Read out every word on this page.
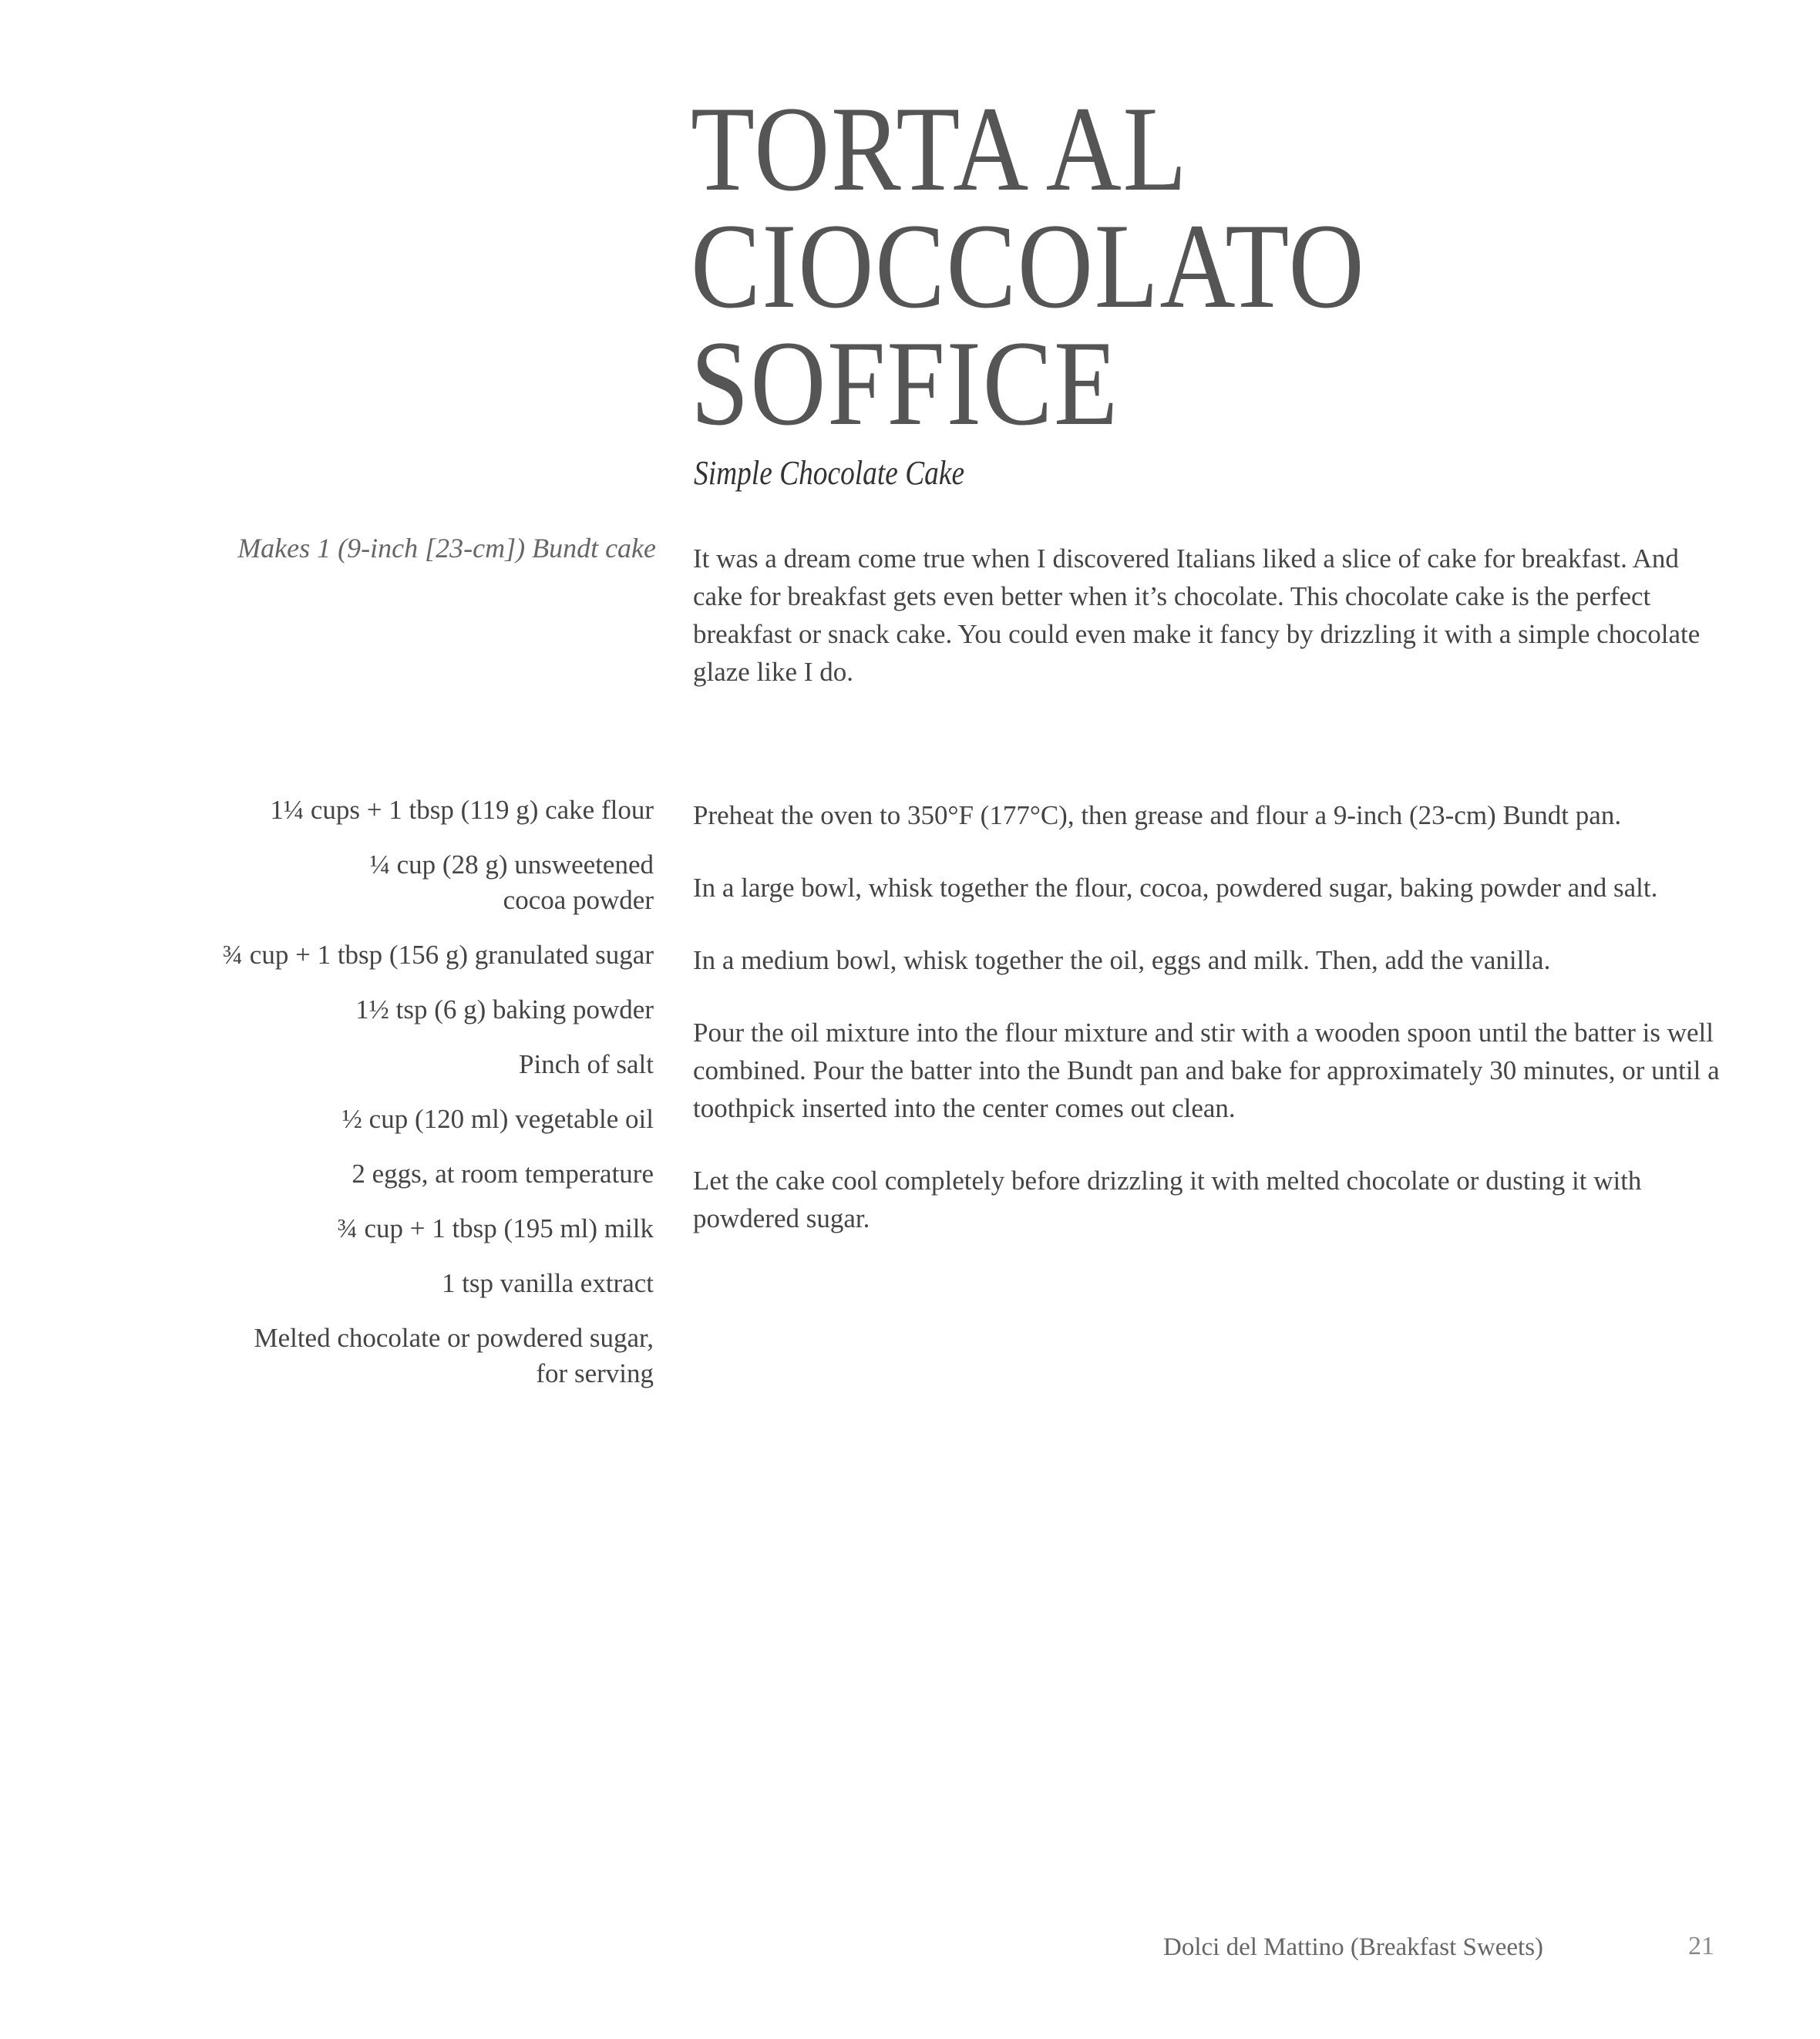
TORTA AL
CIOCCOLATO
SOFFICE
Simple Chocolate Cake
Makes 1 (9-inch [23-cm]) Bundt cake It was a dream come true when I discovered Italians liked a slice of cake for breakfast. And cake for breakfast gets even better when it’s chocolate. This chocolate cake is the perfect breakfast or snack cake. You could even make it fancy by drizzling it with a simple chocolate glaze like I do.

1¼ cups + 1 tbsp (119 g) cake flour
¼ cup (28 g) unsweetened cocoa powder
¾ cup + 1 tbsp (156 g) granulated sugar
1½ tsp (6 g) baking powder
Pinch of salt
½ cup (120 ml) vegetable oil
2 eggs, at room temperature
¾ cup + 1 tbsp (195 ml) milk
1 tsp vanilla extract
Melted chocolate or powdered sugar, for serving
Preheat the oven to 350°F (177°C), then grease and flour a 9-inch (23-cm) Bundt pan.
In a large bowl, whisk together the flour, cocoa, powdered sugar, baking powder and salt.
In a medium bowl, whisk together the oil, eggs and milk. Then, add the vanilla.
Pour the oil mixture into the flour mixture and stir with a wooden spoon until the batter is well combined. Pour the batter into the Bundt pan and bake for approximately 30 minutes, or until a toothpick inserted into the center comes out clean.
Let the cake cool completely before drizzling it with melted chocolate or dusting it with powdered sugar.
Dolci del Mattino (Breakfast Sweets)	21
